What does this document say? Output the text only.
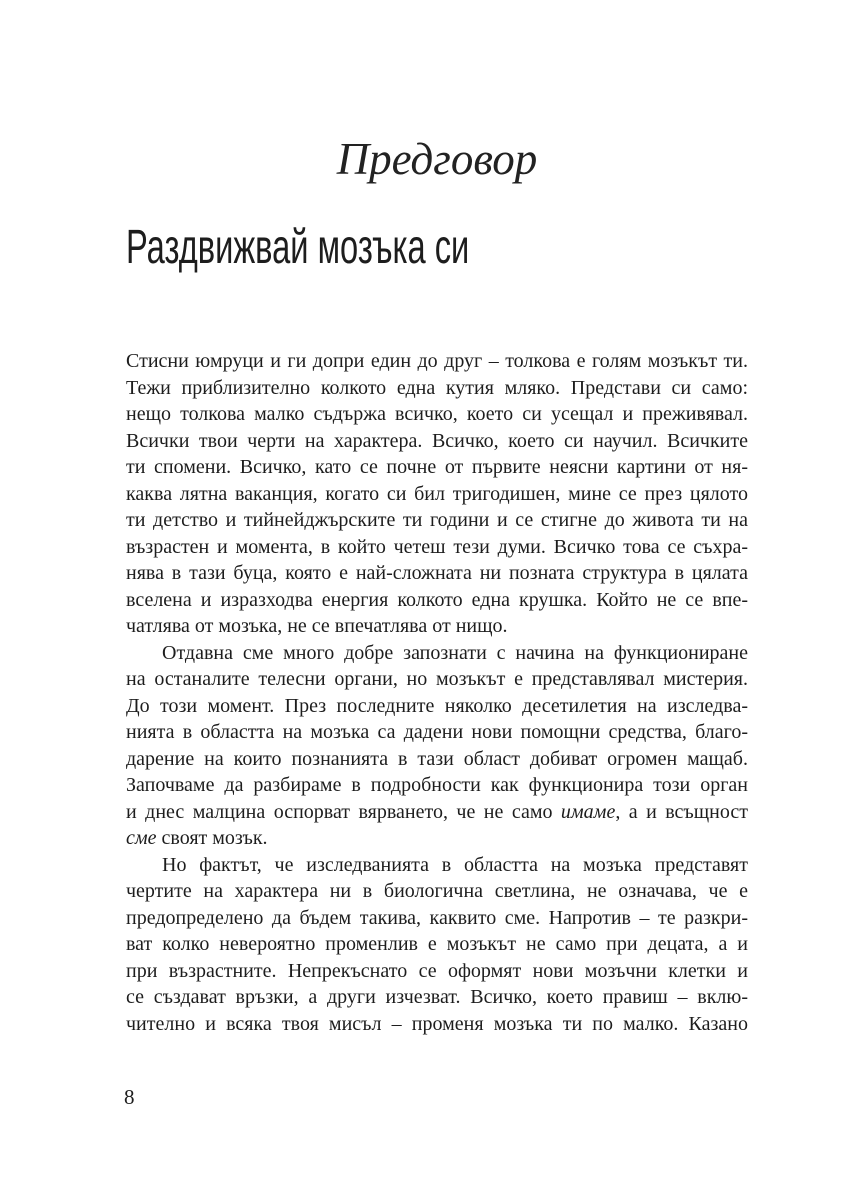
Предговор
Раздвижвай мозъка си
Стисни юмруци и ги допри един до друг – толкова е голям мозъкът ти.
Тежи приблизително колкото една кутия мляко. Представи си само:
нещо толкова малко съдържа всичко, което си усещал и преживявал.
Всички твои черти на характера. Всичко, което си научил. Всичките
ти спомени. Всичко, като се почне от първите неясни картини от ня-
каква лятна ваканция, когато си бил тригодишен, мине се през цялото
ти детство и тийнейджърските ти години и се стигне до живота ти на
възрастен и момента, в който четеш тези думи. Всичко това се съхра-
нява в тази буца, която е най-сложната ни позната структура в цялата
вселена и изразходва енергия колкото една крушка. Който не се впе-
чатлява от мозъка, не се впечатлява от нищо.
Отдавна сме много добре запознати с начина на функциониране
на останалите телесни органи, но мозъкът е представлявал мистерия.
До този момент. През последните няколко десетилетия на изследва-
нията в областта на мозъка са дадени нови помощни средства, благо-
дарение на които познанията в тази област добиват огромен мащаб.
Започваме да разбираме в подробности как функционира този орган
и днес малцина оспорват вярването, че не само имаме, а и всъщност
сме своят мозък.
Но фактът, че изследванията в областта на мозъка представят
чертите на характера ни в биологична светлина, не означава, че е
предопределено да бъдем такива, каквито сме. Напротив – те разкри-
ват колко невероятно променлив е мозъкът не само при децата, а и
при възрастните. Непрекъснато се оформят нови мозъчни клетки и
се създават връзки, а други изчезват. Всичко, което правиш – вклю-
чително и всяка твоя мисъл – променя мозъка ти по малко. Казано
8
